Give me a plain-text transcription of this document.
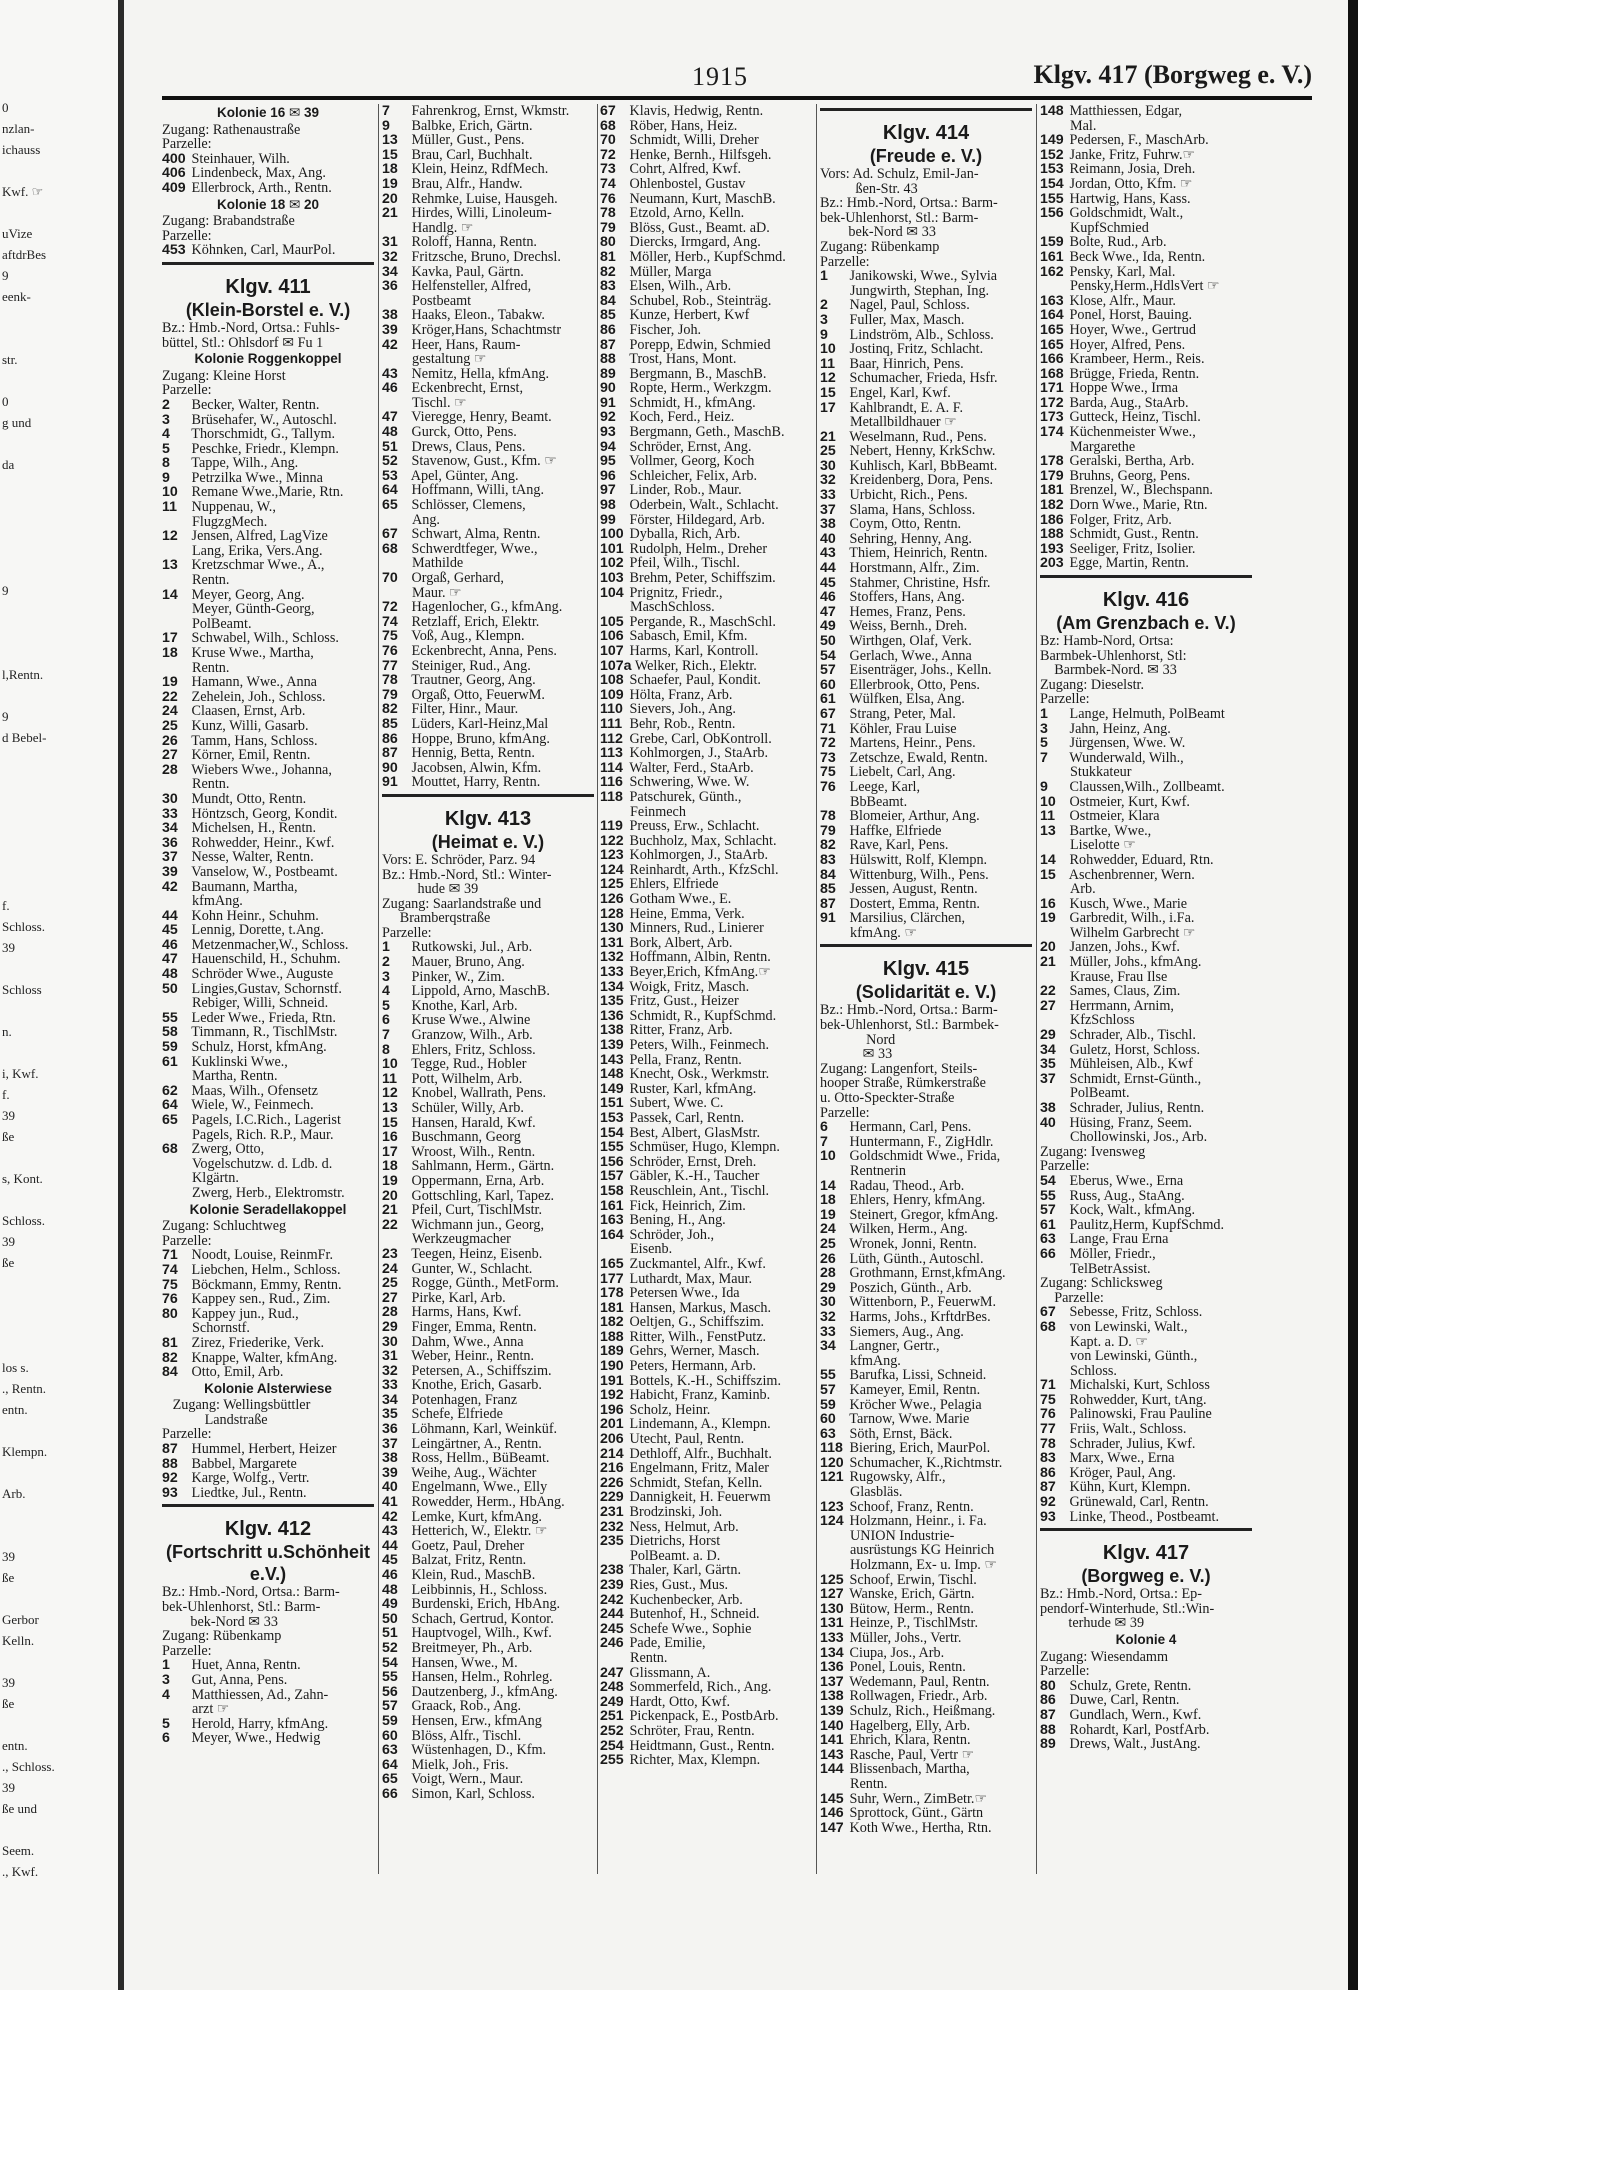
0
nzlan-
ichauss
Kwf. ☞
uVize
aftdrBes
9
eenk-
str.
0
g und
da
9
l,Rentn.
9
d Bebel-
f.
Schloss.
39
Schloss
n.
i, Kwf.
f.
39
ße
s, Kont.
Schloss.
39
ße
los s.
., Rentn.
entn.
Klempn.
Arb.
39
ße
Gerbor
Kelln.
39
ße
entn.
., Schloss.
39
ße und
Seem.
., Kwf.
1915	Klgv. 417 (Borgweg e. V.)
Kolonie 16 ✉ 39
Zugang: Rathenaustraße
Parzelle:
400 Steinhauer, Wilh.
406 Lindenbeck, Max, Ang.
409 Ellerbrock, Arth., Rentn.
Kolonie 18 ✉ 20
Zugang: Brabandstraße
Parzelle:
453 Köhnken, Carl, MaurPol.
Klgv. 411
(Klein-Borstel e. V.)
Bz.: Hmb.-Nord, Ortsa.: Fuhls-
büttel, Stl.: Ohlsdorf ✉ Fu 1
Kolonie Roggenkoppel
Zugang: Kleine Horst
Parzelle:
2 Becker, Walter, Rentn.
3 Brüsehafer, W., Autoschl.
4 Thorschmidt, G., Tallym.
5 Peschke, Friedr., Klempn.
8 Tappe, Wilh., Ang.
9 Petrzilka Wwe., Minna
10 Remane Wwe.,Marie, Rtn.
11 Nuppenau, W.,
FlugzgMech.
12 Jensen, Alfred, LagVize
Lang, Erika, Vers.Ang.
13 Kretzschmar Wwe., A.,
Rentn.
14 Meyer, Georg, Ang.
Meyer, Günth-Georg,
PolBeamt.
17 Schwabel, Wilh., Schloss.
18 Kruse Wwe., Martha,
Rentn.
19 Hamann, Wwe., Anna
22 Zehelein, Joh., Schloss.
24 Claasen, Ernst, Arb.
25 Kunz, Willi, Gasarb.
26 Tamm, Hans, Schloss.
27 Körner, Emil, Rentn.
28 Wiebers Wwe., Johanna,
Rentn.
30 Mundt, Otto, Rentn.
33 Höntzsch, Georg, Kondit.
34 Michelsen, H., Rentn.
36 Rohwedder, Heinr., Kwf.
37 Nesse, Walter, Rentn.
39 Vanselow, W., Postbeamt.
42 Baumann, Martha,
kfmAng.
44 Kohn Heinr., Schuhm.
45 Lennig, Dorette, t.Ang.
46 Metzenmacher,W., Schloss.
47 Hauenschild, H., Schuhm.
48 Schröder Wwe., Auguste
50 Lingies,Gustav, Schornstf.
Rebiger, Willi, Schneid.
55 Leder Wwe., Frieda, Rtn.
58 Timmann, R., TischlMstr.
59 Schulz, Horst, kfmAng.
61 Kuklinski Wwe.,
Martha, Rentn.
62 Maas, Wilh., Ofensetz
64 Wiele, W., Feinmech.
65 Pagels, I.C.Rich., Lagerist
Pagels, Rich. R.P., Maur.
68 Zwerg, Otto,
Vogelschutzw. d. Ldb. d.
Klgärtn.
Zwerg, Herb., Elektromstr.
Kolonie Seradellakoppel
Zugang: Schluchtweg
Parzelle:
71 Noodt, Louise, ReinmFr.
74 Liebchen, Helm., Schloss.
75 Böckmann, Emmy, Rentn.
76 Kappey sen., Rud., Zim.
80 Kappey jun., Rud.,
Schornstf.
81 Zirez, Friederike, Verk.
82 Knappe, Walter, kfmAng.
84 Otto, Emil, Arb.
Kolonie Alsterwiese
Zugang: Wellingsbüttler
Landstraße
Parzelle:
87 Hummel, Herbert, Heizer
88 Babbel, Margarete
92 Karge, Wolfg., Vertr.
93 Liedtke, Jul., Rentn.
Klgv. 412
(Fortschritt u.Schönheit e.V.)
Bz.: Hmb.-Nord, Ortsa.: Barm-
bek-Uhlenhorst, Stl.: Barm-
bek-Nord ✉ 33
Zugang: Rübenkamp
Parzelle:
1 Huet, Anna, Rentn.
3 Gut, Anna, Pens.
4 Matthiessen, Ad., Zahn-
arzt ☞
5 Herold, Harry, kfmAng.
6 Meyer, Wwe., Hedwig
7 Fahrenkrog, Ernst, Wkmstr.
9 Balbke, Erich, Gärtn.
13 Müller, Gust., Pens.
15 Brau, Carl, Buchhalt.
18 Klein, Heinz, RdfMech.
19 Brau, Alfr., Handw.
20 Rehmke, Luise, Hausgeh.
21 Hirdes, Willi, Linoleum-
Handlg. ☞
31 Roloff, Hanna, Rentn.
32 Fritzsche, Bruno, Drechsl.
34 Kavka, Paul, Gärtn.
36 Helfensteller, Alfred,
Postbeamt
38 Haaks, Eleon., Tabakw.
39 Kröger,Hans, Schachtmstr
42 Heer, Hans, Raum-
gestaltung ☞
43 Nemitz, Hella, kfmAng.
46 Eckenbrecht, Ernst,
Tischl. ☞
47 Vieregge, Henry, Beamt.
48 Gurck, Otto, Pens.
51 Drews, Claus, Pens.
52 Stavenow, Gust., Kfm. ☞
53 Apel, Günter, Ang.
64 Hoffmann, Willi, tAng.
65 Schlösser, Clemens,
Ang.
67 Schwart, Alma, Rentn.
68 Schwerdtfeger, Wwe.,
Mathilde
70 Orgaß, Gerhard,
Maur. ☞
72 Hagenlocher, G., kfmAng.
74 Retzlaff, Erich, Elektr.
75 Voß, Aug., Klempn.
76 Eckenbrecht, Anna, Pens.
77 Steiniger, Rud., Ang.
78 Trautner, Georg, Ang.
79 Orgaß, Otto, FeuerwM.
82 Filter, Hinr., Maur.
85 Lüders, Karl-Heinz,Mal
86 Hoppe, Bruno, kfmAng.
87 Hennig, Betta, Rentn.
90 Jacobsen, Alwin, Kfm.
91 Mouttet, Harry, Rentn.
Klgv. 413
(Heimat e. V.)
Vors: E. Schröder, Parz. 94
Bz.: Hmb.-Nord, Stl.: Winter-
hude ✉ 39
Zugang: Saarlandstraße und
Bramberqstraße
Parzelle:
1 Rutkowski, Jul., Arb.
2 Mauer, Bruno, Ang.
3 Pinker, W., Zim.
4 Lippold, Arno, MaschB.
5 Knothe, Karl, Arb.
6 Kruse Wwe., Alwine
7 Granzow, Wilh., Arb.
8 Ehlers, Fritz, Schloss.
10 Tegge, Rud., Hobler
11 Pott, Wilhelm, Arb.
12 Knobel, Wallrath, Pens.
13 Schüler, Willy, Arb.
15 Hansen, Harald, Kwf.
16 Buschmann, Georg
17 Wroost, Wilh., Rentn.
18 Sahlmann, Herm., Gärtn.
19 Oppermann, Erna, Arb.
20 Gottschling, Karl, Tapez.
21 Pfeil, Curt, TischlMstr.
22 Wichmann jun., Georg,
Werkzeugmacher
23 Teegen, Heinz, Eisenb.
24 Gunter, W., Schlacht.
25 Rogge, Günth., MetForm.
27 Pirke, Karl, Arb.
28 Harms, Hans, Kwf.
29 Finger, Emma, Rentn.
30 Dahm, Wwe., Anna
31 Weber, Heinr., Rentn.
32 Petersen, A., Schiffszim.
33 Knothe, Erich, Gasarb.
34 Potenhagen, Franz
35 Schefe, Elfriede
36 Löhmann, Karl, Weinküf.
37 Leingärtner, A., Rentn.
38 Ross, Hellm., BüBeamt.
39 Weihe, Aug., Wächter
40 Engelmann, Wwe., Elly
41 Rowedder, Herm., HbAng.
42 Lemke, Kurt, kfmAng.
43 Hetterich, W., Elektr. ☞
44 Goetz, Paul, Dreher
45 Balzat, Fritz, Rentn.
46 Klein, Rud., MaschB.
48 Leibbinnis, H., Schloss.
49 Burdenski, Erich, HbAng.
50 Schach, Gertrud, Kontor.
51 Hauptvogel, Wilh., Kwf.
52 Breitmeyer, Ph., Arb.
54 Hansen, Wwe., M.
55 Hansen, Helm., Rohrleg.
56 Dautzenberg, J., kfmAng.
57 Graack, Rob., Ang.
59 Hensen, Erw., kfmAng
60 Blöss, Alfr., Tischl.
63 Wüstenhagen, D., Kfm.
64 Mielk, Joh., Fris.
65 Voigt, Wern., Maur.
66 Simon, Karl, Schloss.
67 Klavis, Hedwig, Rentn.
68 Röber, Hans, Heiz.
70 Schmidt, Willi, Dreher
72 Henke, Bernh., Hilfsgeh.
73 Cohrt, Alfred, Kwf.
74 Ohlenbostel, Gustav
76 Neumann, Kurt, MaschB.
78 Etzold, Arno, Kelln.
79 Blöss, Gust., Beamt. aD.
80 Diercks, Irmgard, Ang.
81 Möller, Herb., KupfSchmd.
82 Müller, Marga
83 Elsen, Wilh., Arb.
84 Schubel, Rob., Steinträg.
85 Kunze, Herbert, Kwf
86 Fischer, Joh.
87 Porepp, Edwin, Schmied
88 Trost, Hans, Mont.
89 Bergmann, B., MaschB.
90 Ropte, Herm., Werkzgm.
91 Schmidt, H., kfmAng.
92 Koch, Ferd., Heiz.
93 Bergmann, Geth., MaschB.
94 Schröder, Ernst, Ang.
95 Vollmer, Georg, Koch
96 Schleicher, Felix, Arb.
97 Linder, Rob., Maur.
98 Oderbein, Walt., Schlacht.
99 Förster, Hildegard, Arb.
100 Dyballa, Rich, Arb.
101 Rudolph, Helm., Dreher
102 Pfeil, Wilh., Tischl.
103 Brehm, Peter, Schiffszim.
104 Prignitz, Friedr.,
MaschSchloss.
105 Pergande, R., MaschSchl.
106 Sabasch, Emil, Kfm.
107 Harms, Karl, Kontroll.
107a Welker, Rich., Elektr.
108 Schaefer, Paul, Kondit.
109 Hölta, Franz, Arb.
110 Sievers, Joh., Ang.
111 Behr, Rob., Rentn.
112 Grebe, Carl, ObKontroll.
113 Kohlmorgen, J., StaArb.
114 Walter, Ferd., StaArb.
116 Schwering, Wwe. W.
118 Patschurek, Günth.,
Feinmech
119 Preuss, Erw., Schlacht.
122 Buchholz, Max, Schlacht.
123 Kohlmorgen, J., StaArb.
124 Reinhardt, Arth., KfzSchl.
125 Ehlers, Elfriede
126 Gotham Wwe., E.
128 Heine, Emma, Verk.
130 Minners, Rud., Linierer
131 Bork, Albert, Arb.
132 Hoffmann, Albin, Rentn.
133 Beyer,Erich, KfmAng.☞
134 Woigk, Fritz, Masch.
135 Fritz, Gust., Heizer
136 Schmidt, R., KupfSchmd.
138 Ritter, Franz, Arb.
139 Peters, Wilh., Feinmech.
143 Pella, Franz, Rentn.
148 Knecht, Osk., Werkmstr.
149 Ruster, Karl, kfmAng.
151 Subert, Wwe. C.
153 Passek, Carl, Rentn.
154 Best, Albert, GlasMstr.
155 Schmüser, Hugo, Klempn.
156 Schröder, Ernst, Dreh.
157 Gäbler, K.-H., Taucher
158 Reuschlein, Ant., Tischl.
161 Fick, Heinrich, Zim.
163 Bening, H., Ang.
164 Schröder, Joh.,
Eisenb.
165 Zuckmantel, Alfr., Kwf.
177 Luthardt, Max, Maur.
178 Petersen Wwe., Ida
181 Hansen, Markus, Masch.
182 Oeltjen, G., Schiffszim.
188 Ritter, Wilh., FenstPutz.
189 Gehrs, Werner, Masch.
190 Peters, Hermann, Arb.
191 Bottels, K.-H., Schiffszim.
192 Habicht, Franz, Kaminb.
196 Scholz, Heinr.
201 Lindemann, A., Klempn.
206 Utecht, Paul, Rentn.
214 Dethloff, Alfr., Buchhalt.
216 Engelmann, Fritz, Maler
226 Schmidt, Stefan, Kelln.
229 Dannigkeit, H. Feuerwm
231 Brodzinski, Joh.
232 Ness, Helmut, Arb.
235 Dietrichs, Horst
PolBeamt. a. D.
238 Thaler, Karl, Gärtn.
239 Ries, Gust., Mus.
242 Kuchenbecker, Arb.
244 Butenhof, H., Schneid.
245 Schefe Wwe., Sophie
246 Pade, Emilie,
Rentn.
247 Glissmann, A.
248 Sommerfeld, Rich., Ang.
249 Hardt, Otto, Kwf.
251 Pickenpack, E., PostbArb.
252 Schröter, Frau, Rentn.
254 Heidtmann, Gust., Rentn.
255 Richter, Max, Klempn.
Klgv. 414
(Freude e. V.)
Vors: Ad. Schulz, Emil-Jan-
ßen-Str. 43
Bz.: Hmb.-Nord, Ortsa.: Barm-
bek-Uhlenhorst, Stl.: Barm-
bek-Nord ✉ 33
Zugang: Rübenkamp
Parzelle:
1 Janikowski, Wwe., Sylvia
Jungwirth, Stephan, Ing.
2 Nagel, Paul, Schloss.
3 Fuller, Max, Masch.
9 Lindström, Alb., Schloss.
10 Jostinq, Fritz, Schlacht.
11 Baar, Hinrich, Pens.
12 Schumacher, Frieda, Hsfr.
15 Engel, Karl, Kwf.
17 Kahlbrandt, E. A. F.
Metallbildhauer ☞
21 Weselmann, Rud., Pens.
25 Nebert, Henny, KrkSchw.
30 Kuhlisch, Karl, BbBeamt.
32 Kreidenberg, Dora, Pens.
33 Urbicht, Rich., Pens.
37 Slama, Hans, Schloss.
38 Coym, Otto, Rentn.
40 Sehring, Henny, Ang.
43 Thiem, Heinrich, Rentn.
44 Horstmann, Alfr., Zim.
45 Stahmer, Christine, Hsfr.
46 Stoffers, Hans, Ang.
47 Hemes, Franz, Pens.
49 Weiss, Bernh., Dreh.
50 Wirthgen, Olaf, Verk.
54 Gerlach, Wwe., Anna
57 Eisenträger, Johs., Kelln.
60 Ellerbrook, Otto, Pens.
61 Wülfken, Elsa, Ang.
67 Strang, Peter, Mal.
71 Köhler, Frau Luise
72 Martens, Heinr., Pens.
73 Zetschze, Ewald, Rentn.
75 Liebelt, Carl, Ang.
76 Leege, Karl,
BbBeamt.
78 Blomeier, Arthur, Ang.
79 Haffke, Elfriede
82 Rave, Karl, Pens.
83 Hülswitt, Rolf, Klempn.
84 Wittenburg, Wilh., Pens.
85 Jessen, August, Rentn.
87 Dostert, Emma, Rentn.
91 Marsilius, Clärchen,
kfmAng. ☞
Klgv. 415
(Solidarität e. V.)
Bz.: Hmb.-Nord, Ortsa.: Barm-
bek-Uhlenhorst, Stl.: Barmbek-
Nord
✉ 33
Zugang: Langenfort, Steils-
hooper Straße, Rümkerstraße
u. Otto-Speckter-Straße
Parzelle:
6 Hermann, Carl, Pens.
7 Huntermann, F., ZigHdlr.
10 Goldschmidt Wwe., Frida,
Rentnerin
14 Radau, Theod., Arb.
18 Ehlers, Henry, kfmAng.
19 Steinert, Gregor, kfmAng.
24 Wilken, Herm., Ang.
25 Wronek, Jonni, Rentn.
26 Lüth, Günth., Autoschl.
28 Grothmann, Ernst,kfmAng.
29 Poszich, Günth., Arb.
30 Wittenborn, P., FeuerwM.
32 Harms, Johs., KrftdrBes.
33 Siemers, Aug., Ang.
34 Langner, Gertr.,
kfmAng.
55 Barufka, Lissi, Schneid.
57 Kameyer, Emil, Rentn.
59 Kröcher Wwe., Pelagia
60 Tarnow, Wwe. Marie
63 Söth, Ernst, Bäck.
118 Biering, Erich, MaurPol.
120 Schumacher, K.,Richtmstr.
121 Rugowsky, Alfr.,
Glasbläs.
123 Schoof, Franz, Rentn.
124 Holzmann, Heinr., i. Fa.
UNION Industrie-
ausrüstungs KG Heinrich
Holzmann, Ex- u. Imp. ☞
125 Schoof, Erwin, Tischl.
127 Wanske, Erich, Gärtn.
130 Bütow, Herm., Rentn.
131 Heinze, P., TischlMstr.
133 Müller, Johs., Vertr.
134 Ciupa, Jos., Arb.
136 Ponel, Louis, Rentn.
137 Wedemann, Paul, Rentn.
138 Rollwagen, Friedr., Arb.
139 Schulz, Rich., Heißmang.
140 Hagelberg, Elly, Arb.
141 Ehrich, Klara, Rentn.
143 Rasche, Paul, Vertr ☞
144 Blissenbach, Martha,
Rentn.
145 Suhr, Wern., ZimBetr.☞
146 Sprottock, Günt., Gärtn
147 Koth Wwe., Hertha, Rtn.
148 Matthiessen, Edgar,
Mal.
149 Pedersen, F., MaschArb.
152 Janke, Fritz, Fuhrw.☞
153 Reimann, Josia, Dreh.
154 Jordan, Otto, Kfm. ☞
155 Hartwig, Hans, Kass.
156 Goldschmidt, Walt.,
KupfSchmied
159 Bolte, Rud., Arb.
161 Beck Wwe., Ida, Rentn.
162 Pensky, Karl, Mal.
Pensky,Herm.,HdlsVert ☞
163 Klose, Alfr., Maur.
164 Ponel, Horst, Bauing.
165 Hoyer, Wwe., Gertrud
165 Hoyer, Alfred, Pens.
166 Krambeer, Herm., Reis.
168 Brügge, Frieda, Rentn.
171 Hoppe Wwe., Irma
172 Barda, Aug., StaArb.
173 Gutteck, Heinz, Tischl.
174 Küchenmeister Wwe.,
Margarethe
178 Geralski, Bertha, Arb.
179 Bruhns, Georg, Pens.
181 Brenzel, W., Blechspann.
182 Dorn Wwe., Marie, Rtn.
186 Folger, Fritz, Arb.
188 Schmidt, Gust., Rentn.
193 Seeliger, Fritz, Isolier.
203 Egge, Martin, Rentn.
Klgv. 416
(Am Grenzbach e. V.)
Bz: Hamb-Nord, Ortsa:
Barmbek-Uhlenhorst, Stl:
Barmbek-Nord. ✉ 33
Zugang: Dieselstr.
Parzelle:
1 Lange, Helmuth, PolBeamt
3 Jahn, Heinz, Ang.
5 Jürgensen, Wwe. W.
7 Wunderwald, Wilh.,
Stukkateur
9 Claussen,Wilh., Zollbeamt.
10 Ostmeier, Kurt, Kwf.
11 Ostmeier, Klara
13 Bartke, Wwe.,
Liselotte ☞
14 Rohwedder, Eduard, Rtn.
15 Aschenbrenner, Wern.
Arb.
16 Kusch, Wwe., Marie
19 Garbredit, Wilh., i.Fa.
Wilhelm Garbrecht ☞
20 Janzen, Johs., Kwf.
21 Müller, Johs., kfmAng.
Krause, Frau Ilse
22 Sames, Claus, Zim.
27 Herrmann, Arnim,
KfzSchloss
29 Schrader, Alb., Tischl.
34 Guletz, Horst, Schloss.
35 Mühleisen, Alb., Kwf
37 Schmidt, Ernst-Günth.,
PolBeamt.
38 Schrader, Julius, Rentn.
40 Hüsing, Franz, Seem.
Chollowinski, Jos., Arb.
Zugang: Ivensweg
Parzelle:
54 Eberus, Wwe., Erna
55 Russ, Aug., StaAng.
57 Kock, Walt., kfmAng.
61 Paulitz,Herm, KupfSchmd.
63 Lange, Frau Erna
66 Möller, Friedr.,
TelBetrAssist.
Zugang: Schlicksweg
Parzelle:
67 Sebesse, Fritz, Schloss.
68 von Lewinski, Walt.,
Kapt. a. D. ☞
von Lewinski, Günth.,
Schloss.
71 Michalski, Kurt, Schloss
75 Rohwedder, Kurt, tAng.
76 Palinowski, Frau Pauline
77 Friis, Walt., Schloss.
78 Schrader, Julius, Kwf.
83 Marx, Wwe., Erna
86 Kröger, Paul, Ang.
87 Kühn, Kurt, Klempn.
92 Grünewald, Carl, Rentn.
93 Linke, Theod., Postbeamt.
Klgv. 417
(Borgweg e. V.)
Bz.: Hmb.-Nord, Ortsa.: Ep-
pendorf-Winterhude, Stl.:Win-
terhude ✉ 39
Kolonie 4
Zugang: Wiesendamm
Parzelle:
80 Schulz, Grete, Rentn.
86 Duwe, Carl, Rentn.
87 Gundlach, Wern., Kwf.
88 Rohardt, Karl, PostfArb.
89 Drews, Walt., JustAng.
